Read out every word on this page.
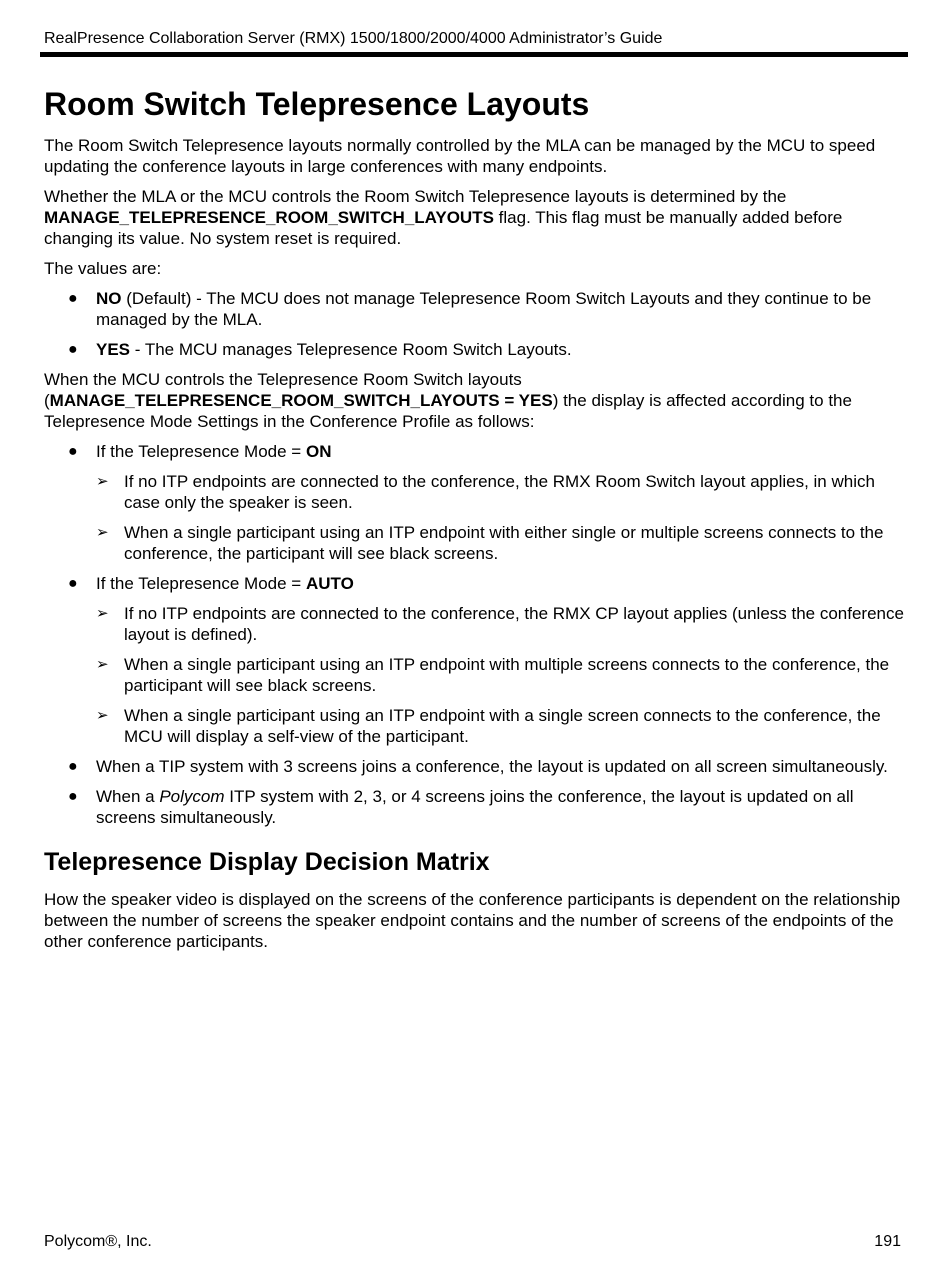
RealPresence Collaboration Server (RMX) 1500/1800/2000/4000 Administrator’s Guide
Room Switch Telepresence Layouts

The Room Switch Telepresence layouts normally controlled by the MLA can be managed by the MCU to speed updating the conference layouts in large conferences with many endpoints.

Whether the MLA or the MCU controls the Room Switch Telepresence layouts is determined by the MANAGE_TELEPRESENCE_ROOM_SWITCH_LAYOUTS flag. This flag must be manually added before changing its value. No system reset is required.

The values are:

● NO (Default) - The MCU does not manage Telepresence Room Switch Layouts and they continue to be managed by the MLA.
● YES - The MCU manages Telepresence Room Switch Layouts.

When the MCU controls the Telepresence Room Switch layouts (MANAGE_TELEPRESENCE_ROOM_SWITCH_LAYOUTS = YES) the display is affected according to the Telepresence Mode Settings in the Conference Profile as follows:

● If the Telepresence Mode = ON
➢ If no ITP endpoints are connected to the conference, the RMX Room Switch layout applies, in which case only the speaker is seen.
➢ When a single participant using an ITP endpoint with either single or multiple screens connects to the conference, the participant will see black screens.
● If the Telepresence Mode = AUTO
➢ If no ITP endpoints are connected to the conference, the RMX CP layout applies (unless the conference layout is defined).
➢ When a single participant using an ITP endpoint with multiple screens connects to the conference, the participant will see black screens.
➢ When a single participant using an ITP endpoint with a single screen connects to the conference, the MCU will display a self-view of the participant.
● When a TIP system with 3 screens joins a conference, the layout is updated on all screen simultaneously.
● When a Polycom ITP system with 2, 3, or 4 screens joins the conference, the layout is updated on all screens simultaneously.
Telepresence Display Decision Matrix

How the speaker video is displayed on the screens of the conference participants is dependent on the relationship between the number of screens the speaker endpoint contains and the number of screens of the endpoints of the other conference participants.

Polycom®, Inc.	191
